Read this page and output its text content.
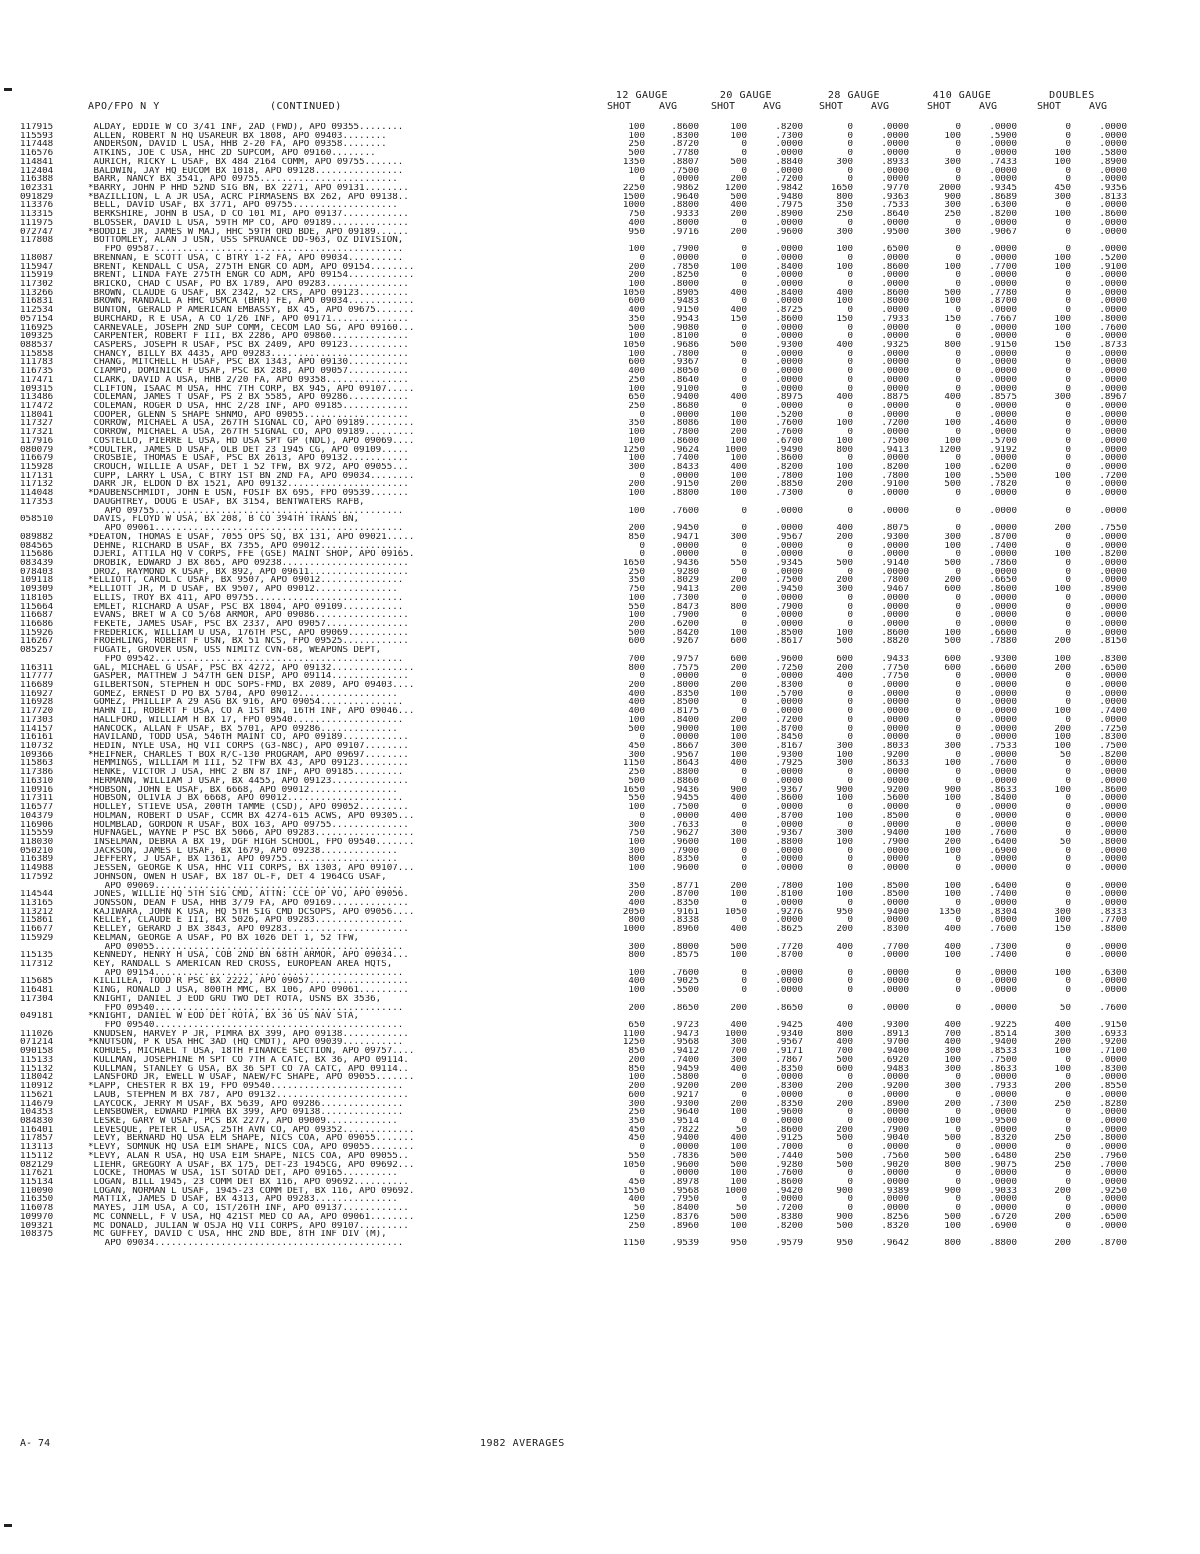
APO/FPO N Y	(CONTINUED)
12 GAUGE
SHOT	AVG
20 GAUGE
SHOT	AVG
28 GAUGE
SHOT	AVG
410 GAUGE
SHOT	AVG
DOUBLES
SHOT	AVG
117915	ALDAY, EDDIE W CO 3/41 INF, 2AD (FWD), APO 09355........	100	.8600	100	.8200	0	.0000	0	.0000	0	.0000
115593	ALLEN, ROBERT N HQ USAREUR BX 1808, APO 09403........	100	.8300	100	.7300	0	.0000	100	.5900	0	.0000
117448	ANDERSON, DAVID L USA, HHB 2-20 FA, APO 09358........	250	.8720	0	.0000	0	.0000	0	.0000	0	.0000
116576	ATKINS, JOE C USA, HHC 2D SUPCOM, APO 09160........	500	.7780	0	.0000	0	.0000	0	.0000	100	.5800
114841	AURICH, RICKY L USAF, BX 484 2164 COMM, APO 09755.......	1350	.8807	500	.8840	300	.8933	300	.7433	100	.8900
112404	BALDWIN, JAY HQ EUCOM BX 1018, APO 09128................	100	.7500	0	.0000	0	.0000	0	.0000	0	.0000
116388	BARR, NANCY BX 3541, APO 09755.........................	0	.0000	200	.7200	0	.0000	0	.0000	0	.0000
102331	*BARRY, JOHN P HHD 52ND SIG BN, BX 2271, APO 09131........	2250	.9862	1200	.9842	1650	.9770	2000	.9345	450	.9356
091829	*BAZILLION, L A JR USA, ACRC PIRMASENS BX 262, APO 09138..	1500	.9640	500	.9480	800	.9363	900	.8689	300	.8133
113376	BELL, DAVID USAF, BX 3771, APO 09755...................	1000	.8800	400	.7975	350	.7533	300	.6300	0	.0000
113315	BERKSHIRE, JOHN B USA, D CO 101 MI, APO 09137............	750	.9333	200	.8900	250	.8640	250	.8200	100	.8600
111975	BLOSSER, DAVID L USA, 59TH MP CO, APO 09189..............	400	.8000	0	.0000	0	.0000	0	.0000	0	.0000
072747	*BODDIE JR, JAMES W MAJ, HHC 59TH ORD BDE, APO 09189......	950	.9716	200	.9600	300	.9500	300	.9067	0	.0000
117808	BOTTOMLEY, ALAN J USN, USS SPRUANCE DD-963, OZ DIVISION,
FPO 09587.............................................	100	.7900	0	.0000	100	.6500	0	.0000	0	.0000
118087	BRENNAN, E SCOTT USA, C BTRY 1-2 FA, APO 09034..........	0	.0000	0	.0000	0	.0000	0	.0000	100	.5200
115947	BRENT, KENDALL C USA, 275TH ENGR CO ADM, APO 09154........	200	.7850	100	.8400	100	.8600	100	.7700	100	.9100
115919	BRENT, LINDA FAYE 275TH ENGR CO ADM, APO 09154............	200	.8250	0	.0000	0	.0000	0	.0000	0	.0000
117302	BRICKO, CHAD C USAF, PO BX 1789, APO 09283...............	100	.8000	0	.0000	0	.0000	0	.0000	0	.0000
113266	BROWN, CLAUDE G USAF, BX 2342, 52 CRS, APO 09123.........	1050	.8905	400	.8400	400	.8600	500	.7780	0	.0000
116831	BROWN, RANDALL A HHC USMCA (BHR) FE, APO 09034............	600	.9483	0	.0000	100	.8000	100	.8700	0	.0000
112534	BUNTON, GERALD P AMERICAN EMBASSY, BX 45, APO 09675.......	400	.9150	400	.8725	0	.0000	0	.0000	0	.0000
057154	BURCHARD, R E USA, A CO 1/26 INF, APO 09171..............	350	.9543	150	.8600	150	.7933	150	.7667	100	.8000
116925	CARNEVALE, JOSEPH 2ND SUP COMM, CECOM LAO SG, APO 09160...	500	.9080	0	.0000	0	.0000	0	.0000	100	.7600
109325	CARPENTER, ROBERT F III, BX 2286, APO 09860..............	100	.8100	0	.0000	0	.0000	0	.0000	0	.0000
088537	CASPERS, JOSEPH R USAF, PSC BX 2409, APO 09123...........	1050	.9686	500	.9300	400	.9325	800	.9150	150	.8733
115858	CHANCY, BILLY BX 4435, APO 09283.........................	100	.7800	0	.0000	0	.0000	0	.0000	0	.0000
111783	CHANG, MITCHELL H USAF, PSC BX 1343, APO 09130...........	600	.9367	0	.0000	0	.0000	0	.0000	0	.0000
116735	CIAMPO, DOMINICK F USAF, PSC BX 288, APO 09057...........	400	.8050	0	.0000	0	.0000	0	.0000	0	.0000
117471	CLARK, DAVID A USA, HHB 2/20 FA, APO 09358...............	250	.8640	0	.0000	0	.0000	0	.0000	0	.0000
109315	CLIFTON, ISAAC M USA, HHC 7TH CORP, BX 945, APO 09107.....	100	.9100	0	.0000	0	.0000	0	.0000	0	.0000
113486	COLEMAN, JAMES T USAF, PS 2 BX 5585, APO 09286...........	650	.9400	400	.8975	400	.8875	400	.8575	300	.8967
117472	COLEMAN, ROGER D USA, HHC 2/28 INF, APO 09185............	250	.8680	0	.0000	0	.0000	0	.0000	0	.0000
118041	COOPER, GLENN S SHAPE SHNMO, APO 09055...................	0	.0000	100	.5200	0	.0000	0	.0000	0	.0000
117327	CORROW, MICHAEL A USA, 267TH SIGNAL CO, APO 09189.........	350	.8086	100	.7600	100	.7200	100	.4600	0	.0000
117321	CORROW, MICHAEL A USA, 267TH SIGNAL CO, APO 09189.........	100	.7800	200	.7600	0	.0000	0	.0000	0	.0000
117916	COSTELLO, PIERRE L USA, HD USA SPT GP (NDL), APO 09069....	100	.8600	100	.6700	100	.7500	100	.5700	0	.0000
080079	*COULTER, JAMES D USAF, OLB DET 23 1945 CG, APO 09109.....	1250	.9624	1000	.9490	800	.9413	1200	.9192	0	.0000
116679	CROSBIE, THOMAS E USAF, PSC BX 2613, APO 09132...........	100	.7400	100	.8600	0	.0000	0	.0000	0	.0000
115928	CROUCH, WILLIE A USAF, DET 1 52 TFW, BX 972, APO 09055...	300	.8433	400	.8200	100	.8200	100	.6200	0	.0000
117131	CUPP, LARRY L USA, C BTRY 1ST BN 2ND FA, APO 09034........	0	.0000	100	.7800	100	.7800	100	.5500	100	.7200
117132	DARR JR, ELDON D BX 1521, APO 09132......................	200	.9150	200	.8850	200	.9100	500	.7820	0	.0000
114048	*DAUBENSCHMIDT, JOHN E USN, FOSIF BX 695, FPO 09539.......	100	.8800	100	.7300	0	.0000	0	.0000	0	.0000
117353	DAUGHTREY, DOUG E USAF, BX 3154, BENTWATERS RAFB,
APO 09755.............................................	100	.7600	0	.0000	0	.0000	0	.0000	0	.0000
058510	DAVIS, FLOYD W USA, BX 208, B CO 394TH TRANS BN,
APO 09061.............................................	200	.9450	0	.0000	400	.8075	0	.0000	200	.7550
089882	*DEATON, THOMAS E USAF, 7055 OPS SQ, BX 131, APO 09021.....	850	.9471	300	.9567	200	.9300	300	.8700	0	.0000
084565	DEHNE, RICHARD B USAF, BX 7355, APO 09012...............	0	.0000	0	.0000	0	.0000	100	.7400	0	.0000
115686	DJERI, ATTILA HQ V CORPS, FFE (GSE) MAINT SHOP, APO 09165.	0	.0000	0	.0000	0	.0000	0	.0000	100	.8200
083439	DROBIK, EDWARD J BX 865, APO 09238.......................	1650	.9436	550	.9345	500	.9140	500	.7860	0	.0000
078403	DROZ, RAYMOND K USAF, BX 892, APO 09611..................	250	.9280	0	.0000	0	.0000	0	.0000	0	.0000
109118	*ELLIOTT, CAROL C USAF, BX 9507, APO 09012...............	350	.8029	200	.7500	200	.7800	200	.6650	0	.0000
109309	*ELLIOTT JR, M D USAF, BX 9507, APO 09012...............	750	.9413	200	.9450	300	.9467	600	.8600	100	.8900
118105	ELLIS, TROY BX 411, APO 09755...........................	100	.7300	0	.0000	0	.0000	0	.0000	0	.0000
115664	EMLET, RICHARD A USAF, PSC BX 1804, APO 09109...........	550	.8473	800	.7900	0	.0000	0	.0000	0	.0000
116687	EVANS, BRET W A CO 5/68 ARMOR, APO 09086.................	100	.7900	0	.0000	0	.0000	0	.0000	0	.0000
116686	FEKETE, JAMES USAF, PSC BX 2337, APO 09057...............	200	.6200	0	.0000	0	.0000	0	.0000	0	.0000
115926	FREDERICK, WILLIAM U USA, 176TH PSC, APO 09069...........	500	.8420	100	.8500	100	.8600	100	.6600	0	.0000
116267	FROEHLING, ROBERT F USN, BX 51 NCS, FPO 09525............	600	.9267	600	.8617	500	.8820	500	.7880	200	.8150
085257	FUGATE, GROVER USN, USS NIMITZ CVN-68, WEAPONS DEPT,
FPO 09542.............................................	700	.9757	600	.9600	600	.9433	600	.9300	100	.8300
116311	GAL, MICHAEL G USAF, PSC BX 4272, APO 09132...............	800	.7575	200	.7250	200	.7750	600	.6600	200	.6500
117777	GASPER, MATTHEW J 547TH GEN DISP, APO 09114..............	0	.0000	0	.0000	400	.7750	0	.0000	0	.0000
116689	GILBERTSON, STEPHEN H ODC SOPS-FMD, BX 2089, APO 09403....	200	.8000	200	.8300	0	.0000	0	.0000	0	.0000
116927	GOMEZ, ERNEST D PO BX 5704, APO 09012..................	400	.8350	100	.5700	0	.0000	0	.0000	0	.0000
116928	GOMEZ, PHILLIP A 29 ASG BX 916, APO 09054...............	400	.8500	0	.0000	0	.0000	0	.0000	0	.0000
117720	HAHN II, ROBERT F USA, CO A 1ST BN, 16TH INF, APO 09046...	400	.8175	0	.0000	0	.0000	0	.0000	100	.7400
117303	HALLFORD, WILLIAM H BX 17, FPO 09540....................	100	.8400	200	.7200	0	.0000	0	.0000	0	.0000
114157	HANCOCK, ALLAN F USAF, BX 5701, APO 09286..............	500	.9000	100	.8700	0	.0000	0	.0000	200	.7250
116161	HAVILAND, TODD USA, 546TH MAINT CO, APO 09189............	0	.0000	100	.8450	0	.0000	0	.0000	100	.8300
110732	HEDIN, NYLE USA, HQ VII CORPS (G3-N8C), APO 09107........	450	.8667	300	.8167	300	.8033	300	.7533	100	.7500
109366	*HEIFNER, CHARLES T BOX R/C-130 PROGRAM, APO 09697........	300	.9567	100	.9300	100	.9200	0	.0000	50	.8200
115863	HEMMINGS, WILLIAM M III, 52 TFW BX 43, APO 09123.........	1150	.8643	400	.7925	300	.8633	100	.7600	0	.0000
117386	HENKE, VICTOR J USA, HHC 2 BN 87 INF, APO 09185.........	250	.8800	0	.0000	0	.0000	0	.0000	0	.0000
116310	HERMANN, WILLIAM J USAF, BX 4455, APO 09123..............	500	.8860	0	.0000	0	.0000	0	.0000	0	.0000
110916	*HOBSON, JOHN E USAF, BX 6668, APO 09012................	1650	.9436	900	.9367	900	.9200	900	.8633	100	.8600
117311	HOBSON, OLIVIA J BX 6668, APO 09012.....................	550	.9455	400	.8600	100	.5600	100	.8400	0	.0000
116577	HOLLEY, STIEVE USA, 200TH TAMME (CSD), APO 09052.........	100	.7500	0	.0000	0	.0000	0	.0000	0	.0000
104379	HOLMAN, ROBERT D USAF, CCMR BX 4274-615 ACWS, APO 09305...	0	.0000	400	.8700	100	.8500	0	.0000	0	.0000
116906	HOLMBLAD, GORDON R USAF, BOX 163, APO 09755..............	300	.7633	0	.0000	0	.0000	0	.0000	0	.0000
115559	HUFNAGEL, WAYNE P PSC BX 5066, APO 09283..................	750	.9627	300	.9367	300	.9400	100	.7600	0	.0000
118030	INSELMAN, DEBRA A BX 19, DGF HIGH SCHOOL, FPO 09540.......	100	.9600	100	.8800	100	.7900	200	.6400	50	.8000
050210	JACKSON, JAMES L USAF, BX 1679, APO 09238..............	300	.7900	0	.0000	0	.0000	100	.6900	0	.0000
116389	JEFFERY, J USAF, BX 1361, APO 09755....................	800	.8350	0	.0000	0	.0000	0	.0000	0	.0000
114988	JESSEN, GEORGE K USA, HHC VII CORPS, BX 1303, APO 09107...	100	.9600	0	.0000	0	.0000	0	.0000	0	.0000
117592	JOHNSON, OWEN H USAF, BX 187 OL-F, DET 4 1964CG USAF,
APO 09069.............................................	350	.8771	200	.7800	100	.8500	100	.6400	0	.0000
114544	JONES, WILLIE HQ 5TH SIG CMD, ATTN: CCE OP VO, APO 09056.	200	.8700	100	.8100	100	.8500	100	.7400	0	.0000
113165	JONSSON, DEAN F USA, HHB 3/79 FA, APO 09169..............	400	.8350	0	.0000	0	.0000	0	.0000	0	.0000
113212	KAJIWARA, JOHN K USA, HQ 5TH SIG CMD DCSOPS, APO 09056....	2050	.9161	1050	.9276	950	.9400	1350	.8304	300	.8333
115861	KELLEY, CLAUDE E III, BX 5026, APO 09283................	800	.8338	0	.0000	0	.0000	0	.0000	100	.7700
116677	KELLEY, GERARD J BX 3843, APO 09283......................	1000	.8960	400	.8625	200	.8300	400	.7600	150	.8800
115929	KELMAN, GEORGE A USAF, PO BX 1026 DET 1, 52 TFW,
APO 09055.............................................	300	.8000	500	.7720	400	.7700	400	.7300	0	.0000
115135	KENNEDY, HENRY H USA, COB 2ND BN 68TH ARMOR, APO 09034...	800	.8575	100	.8700	0	.0000	100	.7400	0	.0000
117312	KEY, RANDALL S AMERICAN RED CROSS, EUROPEAN AREA HQTS,
APO 09154.............................................	100	.7600	0	.0000	0	.0000	0	.0000	100	.6300
115685	KILLILEA, TODD R PSC BX 2222, APO 09057..................	400	.9025	0	.0000	0	.0000	0	.0000	0	.0000
116481	KING, RONALD J USA, 800TH MMC, BX 106, APO 09061.........	100	.5500	0	.0000	0	.0000	0	.0000	0	.0000
117304	KNIGHT, DANIEL J EOD GRU TWO DET ROTA, USNS BX 3536,
FPO 09540.............................................	200	.8650	200	.8650	0	.0000	0	.0000	50	.7600
049181	*KNIGHT, DANIEL W EOD DET ROTA, BX 36 US NAV STA,
FPO 09540.............................................	650	.9723	400	.9425	400	.9300	400	.9225	400	.9150
111026	KNUDSEN, HARVEY P JR, PIMRA BX 399, APO 09138............	1100	.9473	1000	.9340	800	.8913	700	.8514	300	.6933
071214	*KNUTSON, P K USA HHC 3AD (HQ CMDT), APO 09039...........	1250	.9568	300	.9567	400	.9700	400	.9400	200	.9200
090158	KOHUES, MICHAEL T USA, 18TH FINANCE SECTION, APO 09757....	850	.9412	700	.9171	700	.9400	300	.8533	100	.7100
115133	KULLMAN, JOSEPHINE M SPT CO 7TH A CATC, BX 36, APO 09114.	200	.7400	300	.7867	500	.6920	100	.7500	0	.0000
115132	KULLMAN, STANLEY G USA, BX 36 SPT CO 7A CATC, APO 09114..	850	.9459	400	.8350	600	.9483	300	.8633	100	.8300
118042	LANSFORD JR, EWELL W USAF, NAEW/FC SHAPE, APO 09055.......	100	.5800	0	.0000	0	.0000	0	.0000	0	.0000
110912	*LAPP, CHESTER R BX 19, FPO 09540........................	200	.9200	200	.8300	200	.9200	300	.7933	200	.8550
115621	LAUB, STEPHEN M BX 787, APO 09132........................	600	.9217	0	.0000	0	.0000	0	.0000	0	.0000
114679	LAYCOCK, JERRY M USAF, BX 5639, APO 09286...............	300	.9300	200	.8350	200	.8900	200	.7300	250	.8280
104353	LENSBOWER, EDWARD PIMRA BX 399, APO 09138...............	250	.9640	100	.9600	0	.0000	0	.0000	0	.0000
084830	LESKE, GARY W USAF, PCS BX 2277, APO 09009.............	350	.9514	0	.0000	0	.0000	100	.9500	0	.0000
116401	LEVESQUE, PETER L USA, 25TH AVN CO, APO 09352.............	450	.7822	50	.8600	200	.7900	0	.0000	0	.0000
117857	LEVY, BERNARD HQ USA ELM SHAPE, NICS COA, APO 09055.......	450	.9400	400	.9125	500	.9040	500	.8320	250	.8000
113113	*LEVY, SOMNUK HQ USA EIM SHAPE, NICS COA, APO 09055........	0	.0000	100	.7000	0	.0000	0	.0000	0	.0000
115112	*LEVY, ALAN R USA, HQ USA EIM SHAPE, NICS COA, APO 09055..	550	.7836	500	.7440	500	.7560	500	.6480	250	.7960
082129	LIEHR, GREGORY A USAF, BX 175, DET-23 1945CG, APO 09692...	1050	.9600	500	.9280	500	.9020	800	.9075	250	.7000
117621	LOCKE, THOMAS W USA, 1ST SOTAD DET, APO 09165..........	0	.0000	100	.7600	0	.0000	0	.0000	0	.0000
115134	LOGAN, BILL 1945, 23 COMM DET BX 116, APO 09692..........	450	.8978	100	.8600	0	.0000	0	.0000	0	.0000
110090	LOGAN, NORMAN L USAF, 1945-23 COMM DET, BX 116, APO 09692.	1550	.9568	1000	.9420	900	.9389	900	.9033	200	.9250
116350	MATTIX, JAMES D USAF, BX 4313, APO 09283...............	400	.7950	0	.0000	0	.0000	0	.0000	0	.0000
116078	MAYES, JIM USA, A CO, 1ST/26TH INF, APO 09137............	50	.8400	50	.7200	0	.0000	0	.0000	0	.0000
109970	MC CONNELL, F V USA, HQ 421ST MED CO AA, APO 09061........	1250	.8376	500	.8380	900	.8256	500	.6720	200	.6500
109321	MC DONALD, JULIAN W OSJA HQ VII CORPS, APO 09107.........	250	.8960	100	.8200	500	.8320	100	.6900	0	.0000
108375	MC GUFFEY, DAVID C USA, HHC 2ND BDE, 8TH INF DIV (M),
APO 09034.............................................	1150	.9539	950	.9579	950	.9642	800	.8800	200	.8700
A- 74	1982 AVERAGES
